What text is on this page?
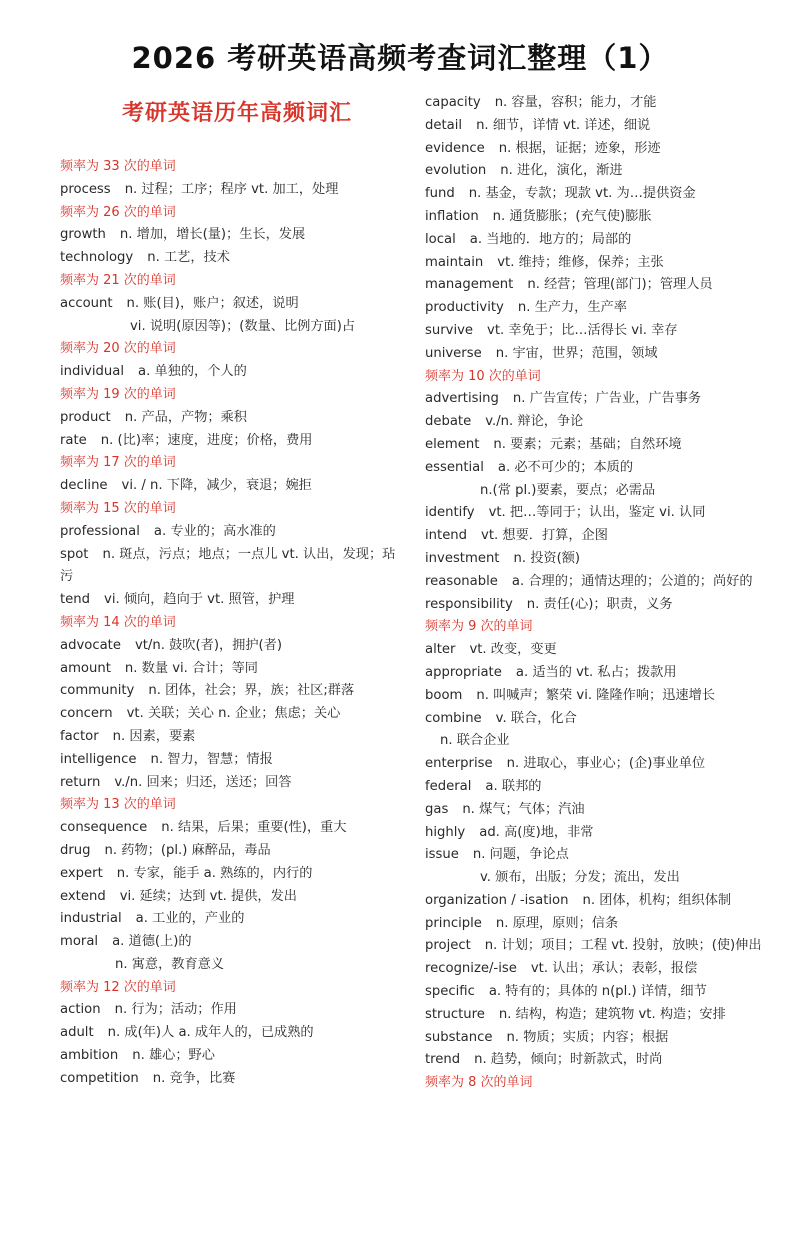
2026 考研英语高频考查词汇整理（1）
考研英语历年高频词汇
频率为 33 次的单词
process n. 过程；工序；程序 vt. 加工，处理
频率为 26 次的单词
growth n. 增加，增长(量)；生长，发展
technology n. 工艺，技术
频率为 21 次的单词
account n. 账(目)，账户；叙述，说明
vi. 说明(原因等)；(数量、比例方面)占
频率为 20 次的单词
individual a. 单独的，个人的
频率为 19 次的单词
product n. 产品，产物；乘积
rate n. (比)率；速度，进度；价格，费用
频率为 17 次的单词
decline vi. / n. 下降，减少，衰退；婉拒
频率为 15 次的单词
professional a. 专业的；高水准的
spot n. 斑点，污点；地点；一点儿 vt. 认出，发现；玷
污
tend vi. 倾向，趋向于 vt. 照管，护理
频率为 14 次的单词
advocate vt/n. 鼓吹(者)，拥护(者)
amount n. 数量 vi. 合计；等同
community n. 团体，社会；界，族；社区;群落
concern vt. 关联；关心 n. 企业；焦虑；关心
factor n. 因素，要素
intelligence n. 智力，智慧；情报
return v./n. 回来；归还，送还；回答
频率为 13 次的单词
consequence n. 结果，后果；重要(性)，重大
drug n. 药物；(pl.) 麻醉品，毒品
expert n. 专家，能手 a. 熟练的，内行的
extend vi. 延续；达到 vt. 提供，发出
industrial a. 工业的，产业的
moral a. 道德(上)的
n. 寓意，教育意义
频率为 12 次的单词
action n. 行为；活动；作用
adult n. 成(年)人 a. 成年人的，已成熟的
ambition n. 雄心；野心
competition n. 竞争，比赛
capacity n. 容量，容积；能力，才能
detail n. 细节，详情 vt. 详述，细说
evidence n. 根据，证据；迹象，形迹
evolution n. 进化，演化，渐进
fund n. 基金，专款；现款 vt. 为…提供资金
inflation n. 通货膨胀；(充气使)膨胀
local a. 当地的．地方的；局部的
maintain vt. 维持；维修，保养；主张
management n. 经营；管理(部门)；管理人员
productivity n. 生产力，生产率
survive vt. 幸免于；比…活得长 vi. 幸存
universe n. 宇宙，世界；范围，领域
频率为 10 次的单词
advertising n. 广告宣传；广告业，广告事务
debate v./n. 辩论，争论
element n. 要素；元素；基础；自然环境
essential a. 必不可少的；本质的
n.(常 pl.)要素，要点；必需品
identify vt. 把…等同于；认出，鉴定 vi. 认同
intend vt. 想要．打算，企图
investment n. 投资(额)
reasonable a. 合理的；通情达理的；公道的；尚好的
responsibility n. 责任(心)；职责，义务
频率为 9 次的单词
alter vt. 改变，变更
appropriate a. 适当的 vt. 私占；拨款用
boom n. 叫喊声；繁荣 vi. 隆隆作响；迅速增长
combine v. 联合，化合
n. 联合企业
enterprise n. 进取心，事业心；(企)事业单位
federal a. 联邦的
gas n. 煤气；气体；汽油
highly ad. 高(度)地，非常
issue n. 问题，争论点
v. 颁布，出版；分发；流出，发出
organization / -isation n. 团体，机构；组织体制
principle n. 原理，原则；信条
project n. 计划；项目；工程 vt. 投射，放映；(使)伸出
recognize/-ise vt. 认出；承认；表彰，报偿
specific a. 特有的；具体的 n(pl.) 详情，细节
structure n. 结构，构造；建筑物 vt. 构造；安排
substance n. 物质；实质；内容；根据
trend n. 趋势，倾向；时新款式，时尚
频率为 8 次的单词
